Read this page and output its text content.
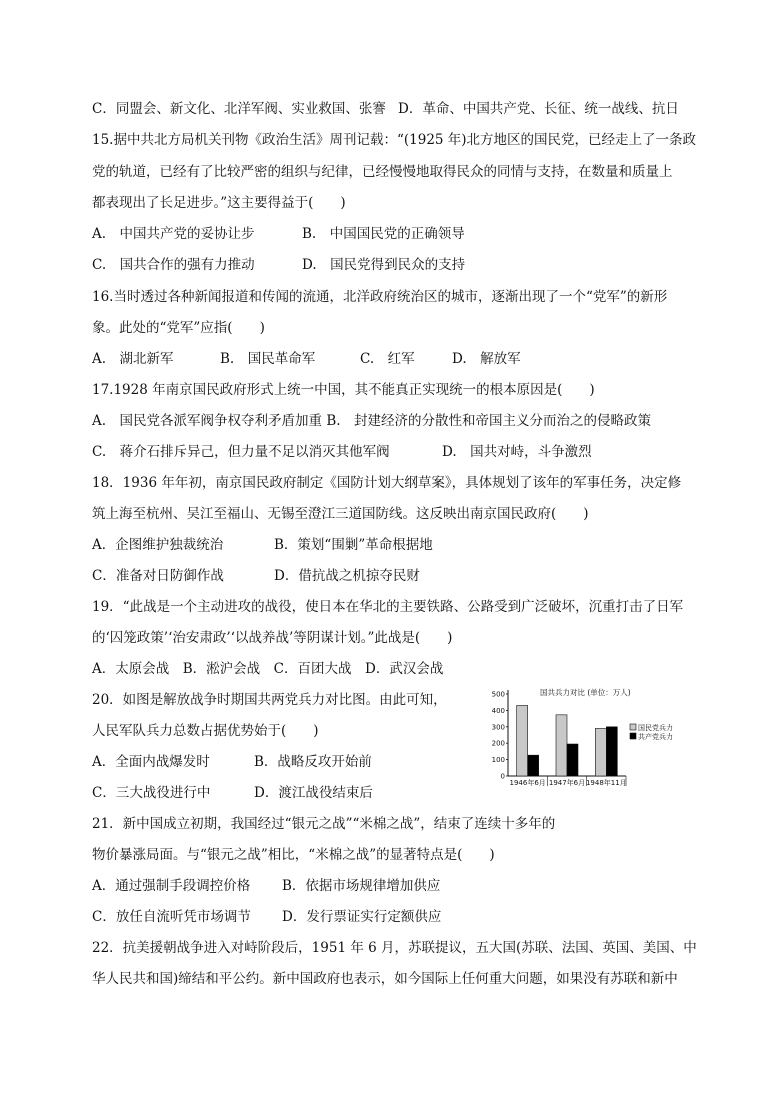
C．同盟会、新文化、北洋军阀、实业救国、张謇 D．革命、中国共产党、长征、统一战线、抗日
15.据中共北方局机关刊物《政治生活》周刊记载：“(1925 年)北方地区的国民党，已经走上了一条政
党的轨道，已经有了比较严密的组织与纪律，已经慢慢地取得民众的同情与支持，在数量和质量上
都表现出了长足进步。”这主要得益于(　　)
A.　中国共产党的妥协让步	B.　中国国民党的正确领导
C.　国共合作的强有力推动	D.　国民党得到民众的支持
16.当时透过各种新闻报道和传闻的流通，北洋政府统治区的城市，逐渐出现了一个“党军”的新形
象。此处的“党军”应指(　　)
A.　湖北新军	B.　国民革命军	C.　红军	D.　解放军
17.1928 年南京国民政府形式上统一中国，其不能真正实现统一的根本原因是(　　)
A.　国民党各派军阀争权夺利矛盾加重 B.　封建经济的分散性和帝国主义分而治之的侵略政策
C.　蒋介石排斥异己，但力量不足以消灭其他军阀	D.　国共对峙，斗争激烈
18．1936 年年初，南京国民政府制定《国防计划大纲草案》，具体规划了该年的军事任务，决定修
筑上海至杭州、吴江至福山、无锡至澄江三道国防线。这反映出南京国民政府(　　)
A．企图维护独裁统治	B．策划“围剿”革命根据地
C．准备对日防御作战	D．借抗战之机掠夺民财
19．“此战是一个主动进攻的战役，使日本在华北的主要铁路、公路受到广泛破坏，沉重打击了日军
的‘囚笼政策’‘治安肃政’‘以战养战’等阴谋计划。”此战是(　　)
A．太原会战　B．淞沪会战　C．百团大战　D．武汉会战
20．如图是解放战争时期国共两党兵力对比图。由此可知，
人民军队兵力总数占据优势始于(　　)
A．全面内战爆发时	B．战略反攻开始前
C．三大战役进行中	D．渡江战役结束后
国共兵力对比 (单位：万人)
0
100
200
300
400
500
1946年6月 1947年6月 1948年11月
国民党兵力
共产党兵力
21．新中国成立初期，我国经过“银元之战”“米棉之战”，结束了连续十多年的
物价暴涨局面。与“银元之战”相比，“米棉之战”的显著特点是(　　)
A．通过强制手段调控价格 B．依据市场规律增加供应
C．放任自流听凭市场调节 D．发行票证实行定额供应
22．抗美援朝战争进入对峙阶段后，1951 年 6 月，苏联提议，五大国(苏联、法国、英国、美国、中
华人民共和国)缔结和平公约。新中国政府也表示，如今国际上任何重大问题，如果没有苏联和新中
